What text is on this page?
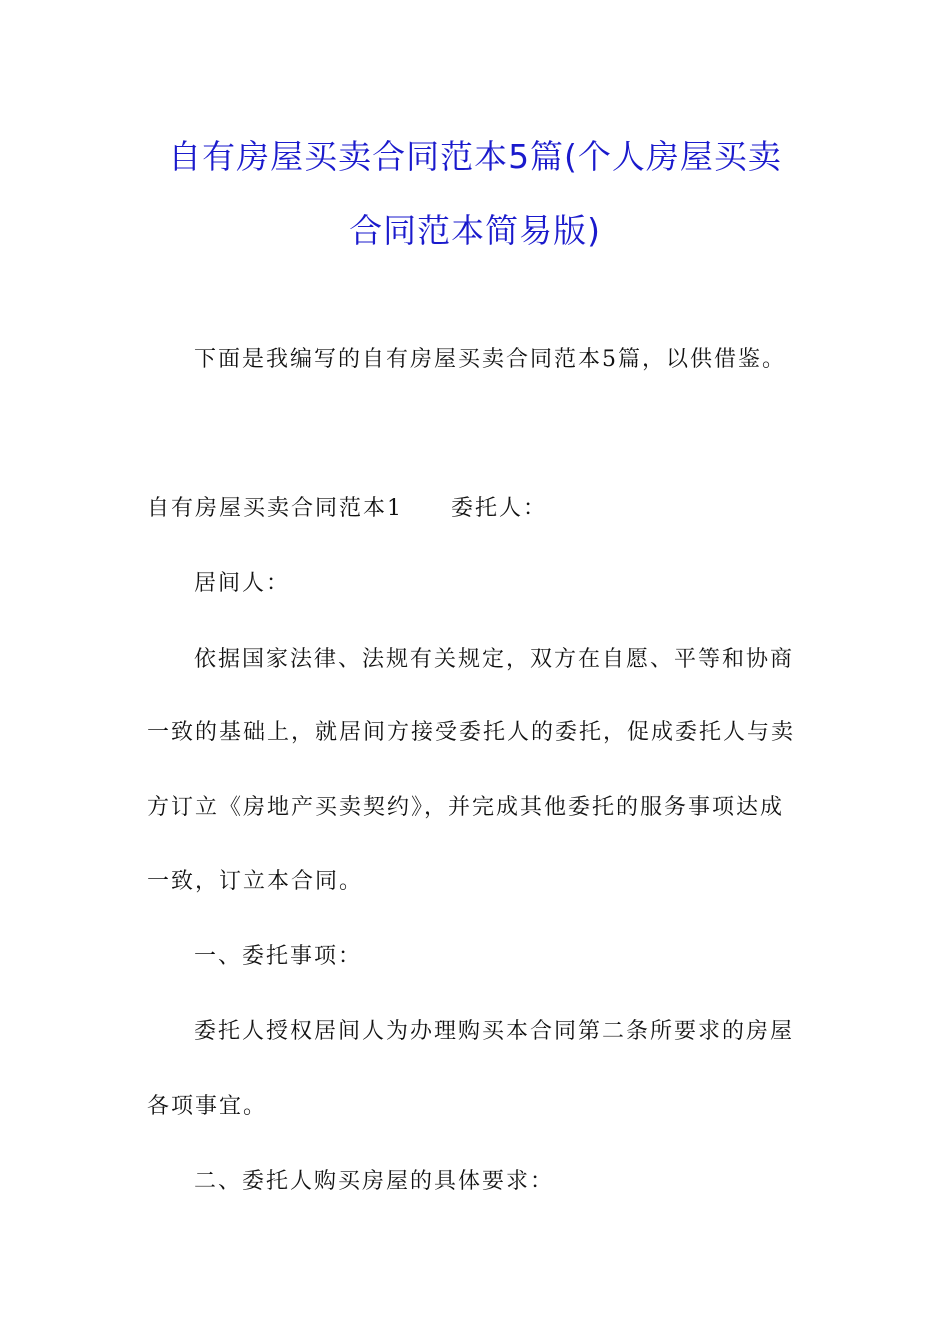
自有房屋买卖合同范本5篇(个人房屋买卖
合同范本简易版)
下面是我编写的自有房屋买卖合同范本5篇，以供借鉴。
自有房屋买卖合同范本1 委托人：
居间人：
依据国家法律、法规有关规定，双方在自愿、平等和协商
一致的基础上，就居间方接受委托人的委托，促成委托人与卖
方订立《房地产买卖契约》，并完成其他委托的服务事项达成
一致，订立本合同。
一、委托事项：
委托人授权居间人为办理购买本合同第二条所要求的房屋
各项事宜。
二、委托人购买房屋的具体要求：
